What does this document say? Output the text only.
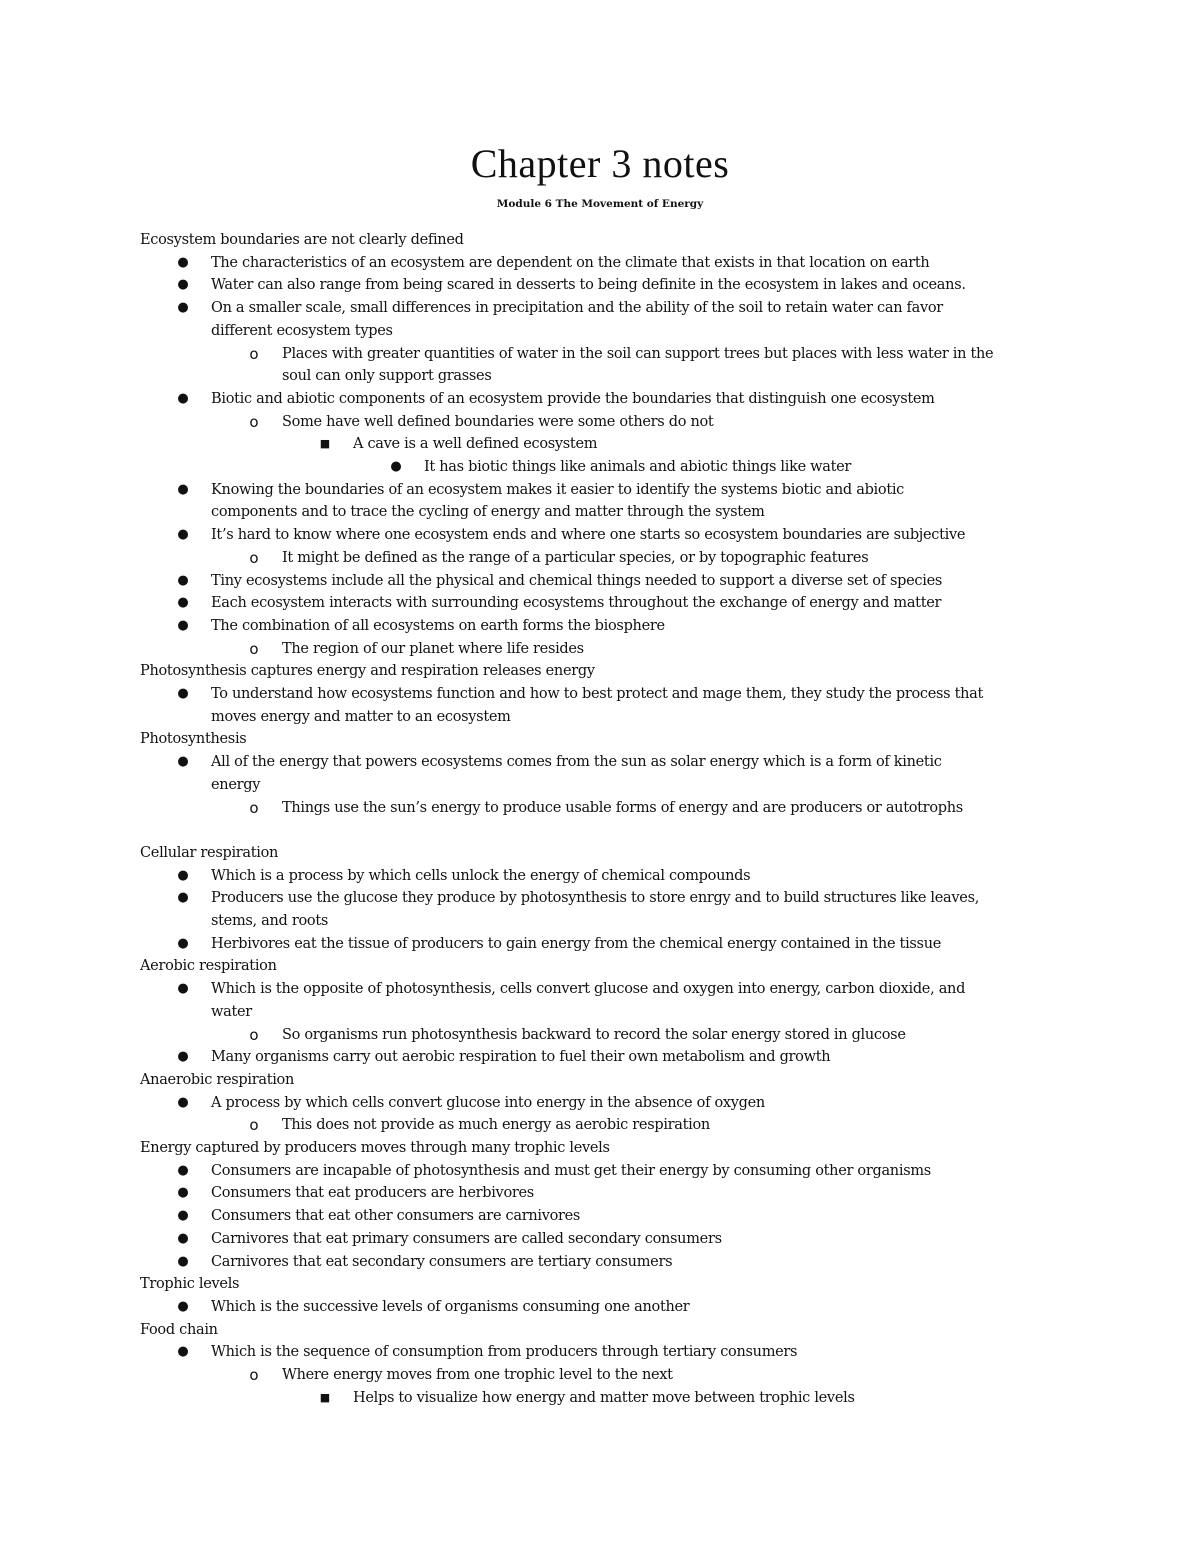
Chapter 3 notes
Module 6 The Movement of Energy
Ecosystem boundaries are not clearly defined
The characteristics of an ecosystem are dependent on the climate that exists in that location on earth
●
Water can also range from being scared in desserts to being definite in the ecosystem in lakes and oceans.
●
On a smaller scale, small differences in precipitation and the ability of the soil to retain water can favor
●
different ecosystem types
Places with greater quantities of water in the soil can support trees but places with less water in the
o
soul can only support grasses
Biotic and abiotic components of an ecosystem provide the boundaries that distinguish one ecosystem
●
Some have well defined boundaries were some others do not
o
A cave is a well defined ecosystem
■
It has biotic things like animals and abiotic things like water
●
Knowing the boundaries of an ecosystem makes it easier to identify the systems biotic and abiotic
●
components and to trace the cycling of energy and matter through the system
It’s hard to know where one ecosystem ends and where one starts so ecosystem boundaries are subjective
●
It might be defined as the range of a particular species, or by topographic features
o
Tiny ecosystems include all the physical and chemical things needed to support a diverse set of species
●
Each ecosystem interacts with surrounding ecosystems throughout the exchange of energy and matter
●
The combination of all ecosystems on earth forms the biosphere
●
The region of our planet where life resides
o
Photosynthesis captures energy and respiration releases energy
To understand how ecosystems function and how to best protect and mage them, they study the process that
●
moves energy and matter to an ecosystem
Photosynthesis
All of the energy that powers ecosystems comes from the sun as solar energy which is a form of kinetic
●
energy
Things use the sun’s energy to produce usable forms of energy and are producers or autotrophs
o
Cellular respiration
Which is a process by which cells unlock the energy of chemical compounds
●
Producers use the glucose they produce by photosynthesis to store enrgy and to build structures like leaves,
●
stems, and roots
Herbivores eat the tissue of producers to gain energy from the chemical energy contained in the tissue
●
Aerobic respiration
Which is the opposite of photosynthesis, cells convert glucose and oxygen into energy, carbon dioxide, and
●
water
So organisms run photosynthesis backward to record the solar energy stored in glucose
o
Many organisms carry out aerobic respiration to fuel their own metabolism and growth
●
Anaerobic respiration
A process by which cells convert glucose into energy in the absence of oxygen
●
This does not provide as much energy as aerobic respiration
o
Energy captured by producers moves through many trophic levels
Consumers are incapable of photosynthesis and must get their energy by consuming other organisms
●
Consumers that eat producers are herbivores
●
Consumers that eat other consumers are carnivores
●
Carnivores that eat primary consumers are called secondary consumers
●
Carnivores that eat secondary consumers are tertiary consumers
●
Trophic levels
Which is the successive levels of organisms consuming one another
●
Food chain
Which is the sequence of consumption from producers through tertiary consumers
●
Where energy moves from one trophic level to the next
o
Helps to visualize how energy and matter move between trophic levels
■
